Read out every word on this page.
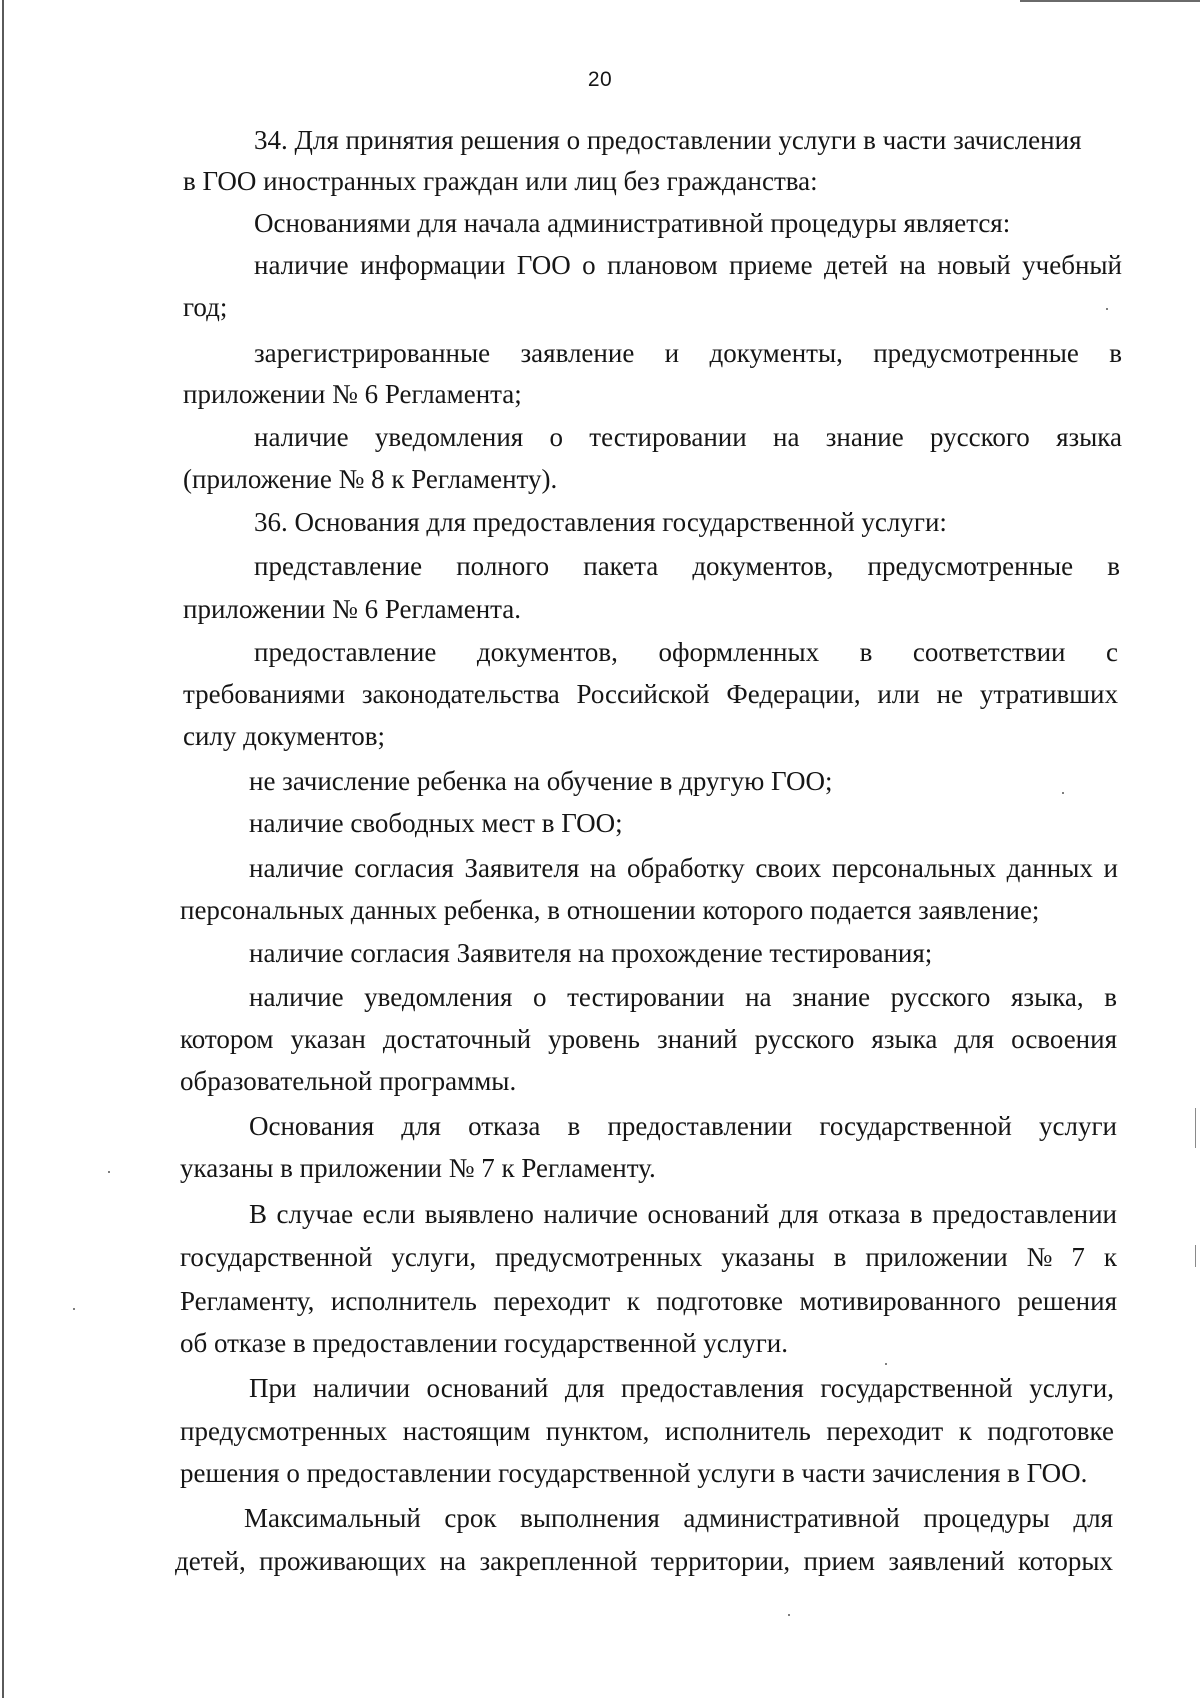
20
34. Для принятия решения о предоставлении услуги в части зачисления
в ГОО иностранных граждан или лиц без гражданства:
Основаниями для начала административной процедуры является:
наличие информации ГОО о плановом приеме детей на новый учебный
год;
зарегистрированные заявление и документы, предусмотренные в
приложении № 6 Регламента;
наличие уведомления о тестировании на знание русского языка
(приложение № 8 к Регламенту).
36. Основания для предоставления государственной услуги:
представление полного пакета документов, предусмотренные в
приложении № 6 Регламента.
предоставление документов, оформленных в соответствии с
требованиями законодательства Российской Федерации, или не утративших
силу документов;
не зачисление ребенка на обучение в другую ГОО;
наличие свободных мест в ГОО;
наличие согласия Заявителя на обработку своих персональных данных и
персональных данных ребенка, в отношении которого подается заявление;
наличие согласия Заявителя на прохождение тестирования;
наличие уведомления о тестировании на знание русского языка, в
котором указан достаточный уровень знаний русского языка для освоения
образовательной программы.
Основания для отказа в предоставлении государственной услуги
указаны в приложении № 7 к Регламенту.
В случае если выявлено наличие оснований для отказа в предоставлении
государственной услуги, предусмотренных указаны в приложении № 7 к
Регламенту, исполнитель переходит к подготовке мотивированного решения
об отказе в предоставлении государственной услуги.
При наличии оснований для предоставления государственной услуги,
предусмотренных настоящим пунктом, исполнитель переходит к подготовке
решения о предоставлении государственной услуги в части зачисления в ГОО.
Максимальный срок выполнения административной процедуры для
детей, проживающих на закрепленной территории, прием заявлений которых
